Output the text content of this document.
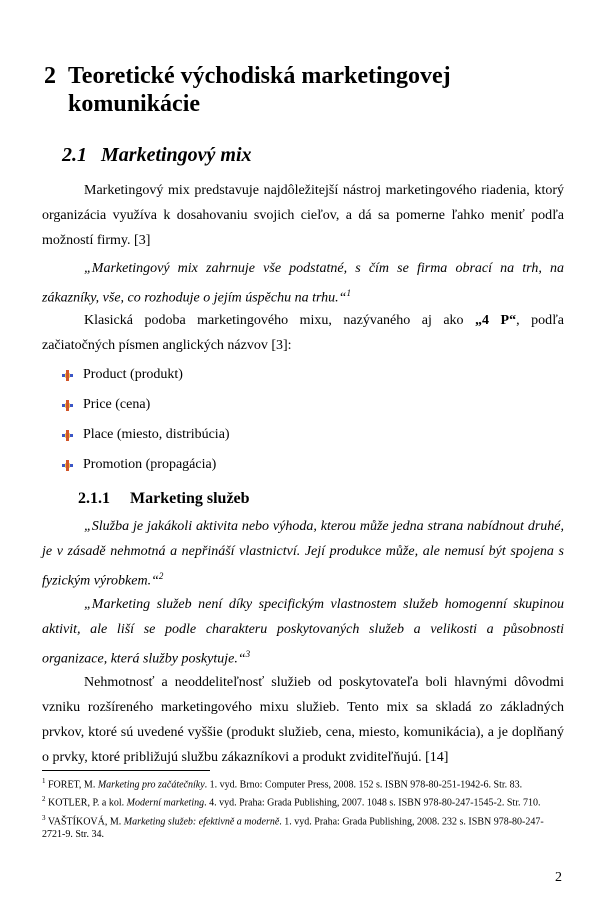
2 Teoretické východiská marketingovej
komunikácie
2.1 Marketingový mix

Marketingový mix predstavuje najdôležitejší nástroj marketingového riadenia, ktorý organizácia využíva k dosahovaniu svojich cieľov, a dá sa pomerne ľahko meniť podľa možností firmy. [3]

„Marketingový mix zahrnuje vše podstatné, s čím se firma obrací na trh, na zákazníky, vše, co rozhoduje o jejím úspěchu na trhu.“$^1$

Klasická podoba marketingového mixu, nazývaného aj ako „4 P“, podľa začiatočných písmen anglických názvov [3]:

Product (produkt)
Price (cena)
Place (miesto, distribúcia)
Promotion (propagácia)
2.1.1 Marketing služeb

„Služba je jakákoli aktivita nebo výhoda, kterou může jedna strana nabídnout druhé, je v zásadě nehmotná a nepřináší vlastnictví. Její produkce může, ale nemusí být spojena s fyzickým výrobkem.“$^2$

„Marketing služeb není díky specifickým vlastnostem služeb homogenní skupinou aktivit, ale liší se podle charakteru poskytovaných služeb a velikosti a působnosti organizace, která služby poskytuje.“$^3$

Nehmotnosť a neoddeliteľnosť služieb od poskytovateľa boli hlavnými dôvodmi vzniku rozšíreného marketingového mixu služieb. Tento mix sa skladá zo základných prvkov, ktoré sú uvedené vyššie (produkt služieb, cena, miesto, komunikácia), a je doplňaný o prvky, ktoré približujú službu zákazníkovi a produkt zviditeľňujú. [14]

$^1$ FORET, M. Marketing pro začátečníky. 1. vyd. Brno: Computer Press, 2008. 152 s. ISBN 978-80-251-1942-6. Str. 83.

$^2$ KOTLER, P. a kol. Moderní marketing. 4. vyd. Praha: Grada Publishing, 2007. 1048 s. ISBN 978-80-247-1545-2. Str. 710.

$^3$ VAŠTÍKOVÁ, M. Marketing služeb: efektivně a moderně. 1. vyd. Praha: Grada Publishing, 2008. 232 s. ISBN 978-80-247-2721-9. Str. 34.

2
